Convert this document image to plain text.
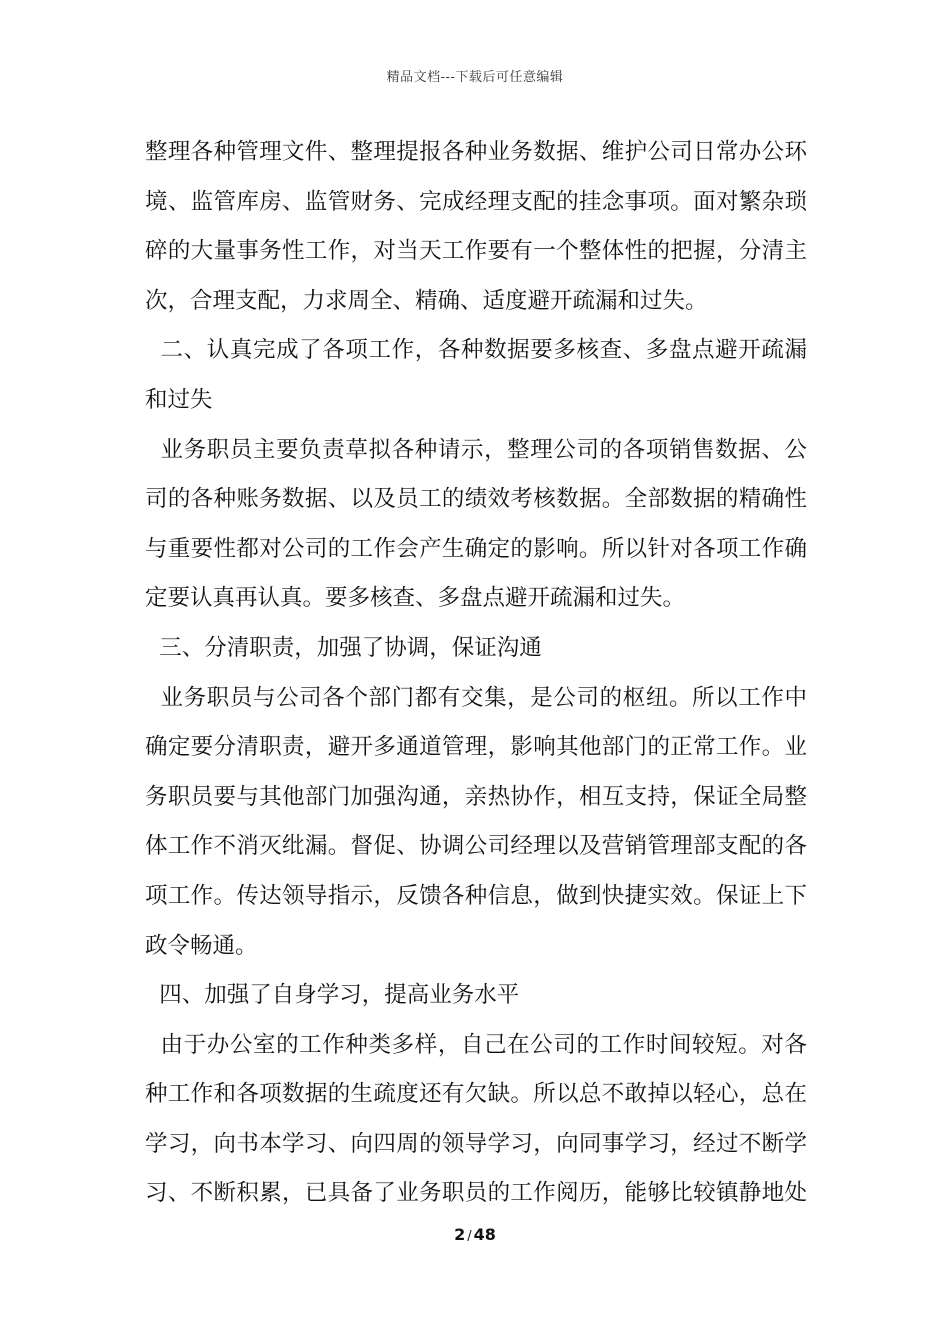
精品文档---下载后可任意编辑
整理各种管理文件、整理提报各种业务数据、维护公司日常办公环
境、监管库房、监管财务、完成经理支配的挂念事项。面对繁杂琐
碎的大量事务性工作，对当天工作要有一个整体性的把握，分清主
次，合理支配，力求周全、精确、适度避开疏漏和过失。
二、认真完成了各项工作，各种数据要多核查、多盘点避开疏漏
和过失
业务职员主要负责草拟各种请示，整理公司的各项销售数据、公
司的各种账务数据、以及员工的绩效考核数据。全部数据的精确性
与重要性都对公司的工作会产生确定的影响。所以针对各项工作确
定要认真再认真。要多核查、多盘点避开疏漏和过失。
三、分清职责，加强了协调，保证沟通
业务职员与公司各个部门都有交集，是公司的枢纽。所以工作中
确定要分清职责，避开多通道管理，影响其他部门的正常工作。业
务职员要与其他部门加强沟通，亲热协作，相互支持，保证全局整
体工作不消灭纰漏。督促、协调公司经理以及营销管理部支配的各
项工作。传达领导指示，反馈各种信息，做到快捷实效。保证上下
政令畅通。
四、加强了自身学习，提高业务水平
由于办公室的工作种类多样，自己在公司的工作时间较短。对各
种工作和各项数据的生疏度还有欠缺。所以总不敢掉以轻心，总在
学习，向书本学习、向四周的领导学习，向同事学习，经过不断学
习、不断积累，已具备了业务职员的工作阅历，能够比较镇静地处
2 / 48
